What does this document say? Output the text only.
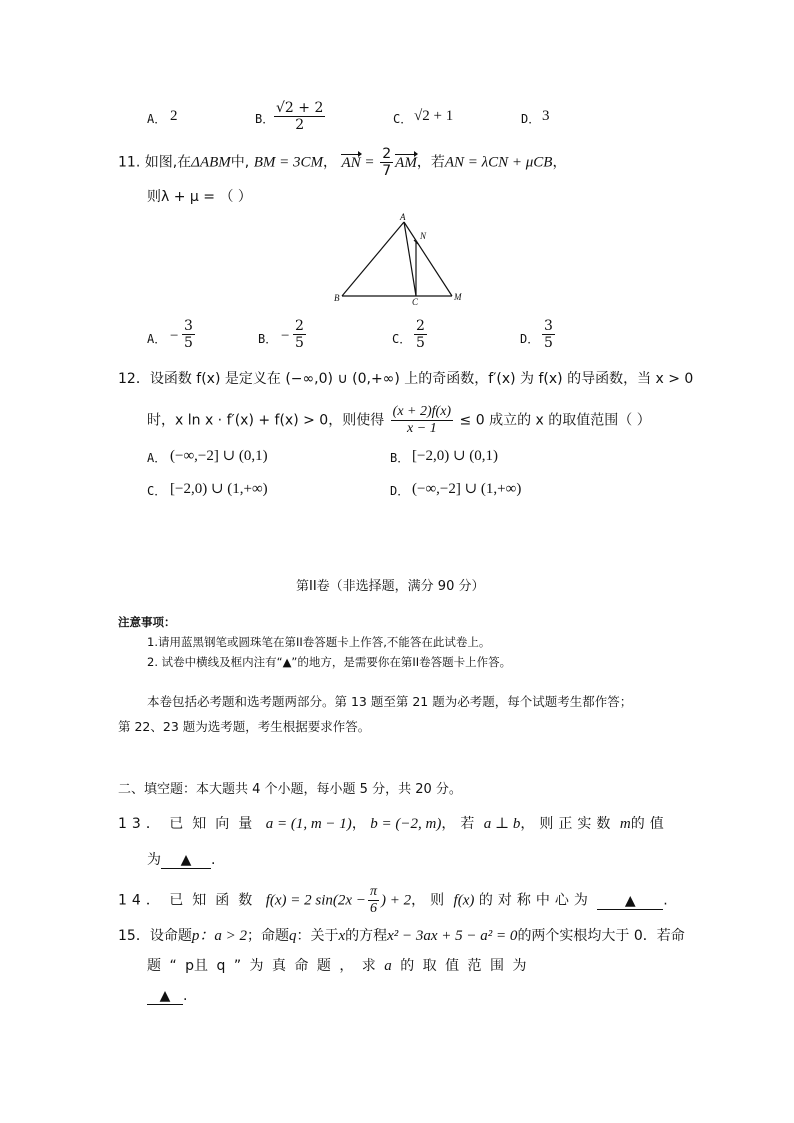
A． 2	B． $\frac{√2 + 2}{2}$	C． √2 + 1	D． 3
11. 如图,在ΔABM中, BM = 3CM， AN = $\frac{2}{7}$ AM，若AN = λCN + μCB，
则λ + μ = （ ）
A
B	C	M
N
A． − $\frac{3}{5}$	B． − $\frac{2}{5}$	C． $\frac{2}{5}$	D． $\frac{3}{5}$
12．设函数 f(x) 是定义在 (−∞,0) ∪ (0,+∞) 上的奇函数，f′(x) 为 f(x) 的导函数，当 x > 0
时，x ln x · f′(x) + f(x) > 0，则使得 $\frac{(x + 2)f(x)}{x - 1} \le 0$ 成立的 x 的取值范围（ ）
A． (−∞,−2] ∪ (0,1)	B． [−2,0) ∪ (0,1)
C． [−2,0) ∪ (1,+∞)	D． (−∞,−2] ∪ (1,+∞)
第II卷（非选择题，满分 90 分）
注意事项：
1.请用蓝黑钢笔或圆珠笔在第II卷答题卡上作答,不能答在此试卷上。
2. 试卷中横线及框内注有“▲”的地方，是需要你在第II卷答题卡上作答。
本卷包括必考题和选考题两部分。第 13 题至第 21 题为必考题，每个试题考生都作答；
第 22、23 题为选考题，考生根据要求作答。
二、填空题：本大题共 4 个小题，每小题 5 分，共 20 分。
13． 已知向量 a = (1, m − 1)， b = (−2, m)，若 a ⊥ b，则正实数 m的值
为 ▲ .
14． 已知函数 f(x) = 2 $\sin(2x - \frac{\pi}{6}$ ) + 2，则 f(x) 的对称中心为 ▲ .
15．设命题p：a > 2；命题q：关于x的方程x² − 3ax + 5 − a² = 0的两个实根均大于 0．若命
题 “ p且 q ” 为 真 命 题 ， 求 a 的 取 值 范 围 为
▲ .
